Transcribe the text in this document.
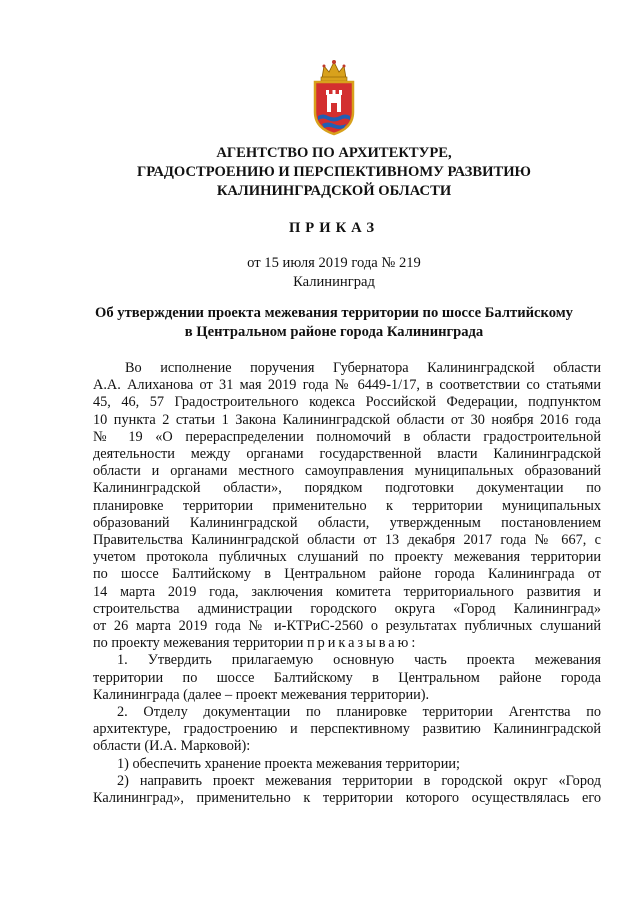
АГЕНТСТВО ПО АРХИТЕКТУРЕ,
ГРАДОСТРОЕНИЮ И ПЕРСПЕКТИВНОМУ РАЗВИТИЮ
КАЛИНИНГРАДСКОЙ ОБЛАСТИ
ПРИКАЗ
от 15 июля 2019 года № 219
Калининград
Об утверждении проекта межевания территории по шоссе Балтийскому
в Центральном районе города Калининграда
Во исполнение поручения Губернатора Калининградской области
А.А. Алиханова от 31 мая 2019 года № 6449-1/17, в соответствии со статьями
45, 46, 57 Градостроительного кодекса Российской Федерации, подпунктом
10 пункта 2 статьи 1 Закона Калининградской области от 30 ноября 2016 года
№ 19 «О перераспределении полномочий в области градостроительной
деятельности между органами государственной власти Калининградской
области и органами местного самоуправления муниципальных образований
Калининградской области», порядком подготовки документации по
планировке территории применительно к территории муниципальных
образований Калининградской области, утвержденным постановлением
Правительства Калининградской области от 13 декабря 2017 года № 667, с
учетом протокола публичных слушаний по проекту межевания территории
по шоссе Балтийскому в Центральном районе города Калининграда от
14 марта 2019 года, заключения комитета территориального развития и
строительства администрации городского округа «Город Калининград»
от 26 марта 2019 года № и-КТРиС-2560 о результатах публичных слушаний
по проекту межевания территории приказываю:
1. Утвердить прилагаемую основную часть проекта межевания
территории по шоссе Балтийскому в Центральном районе города
Калининграда (далее – проект межевания территории).
2. Отделу документации по планировке территории Агентства по
архитектуре, градостроению и перспективному развитию Калининградской
области (И.А. Марковой):
1) обеспечить хранение проекта межевания территории;
2) направить проект межевания территории в городской округ «Город
Калининград», применительно к территории которого осуществлялась его
